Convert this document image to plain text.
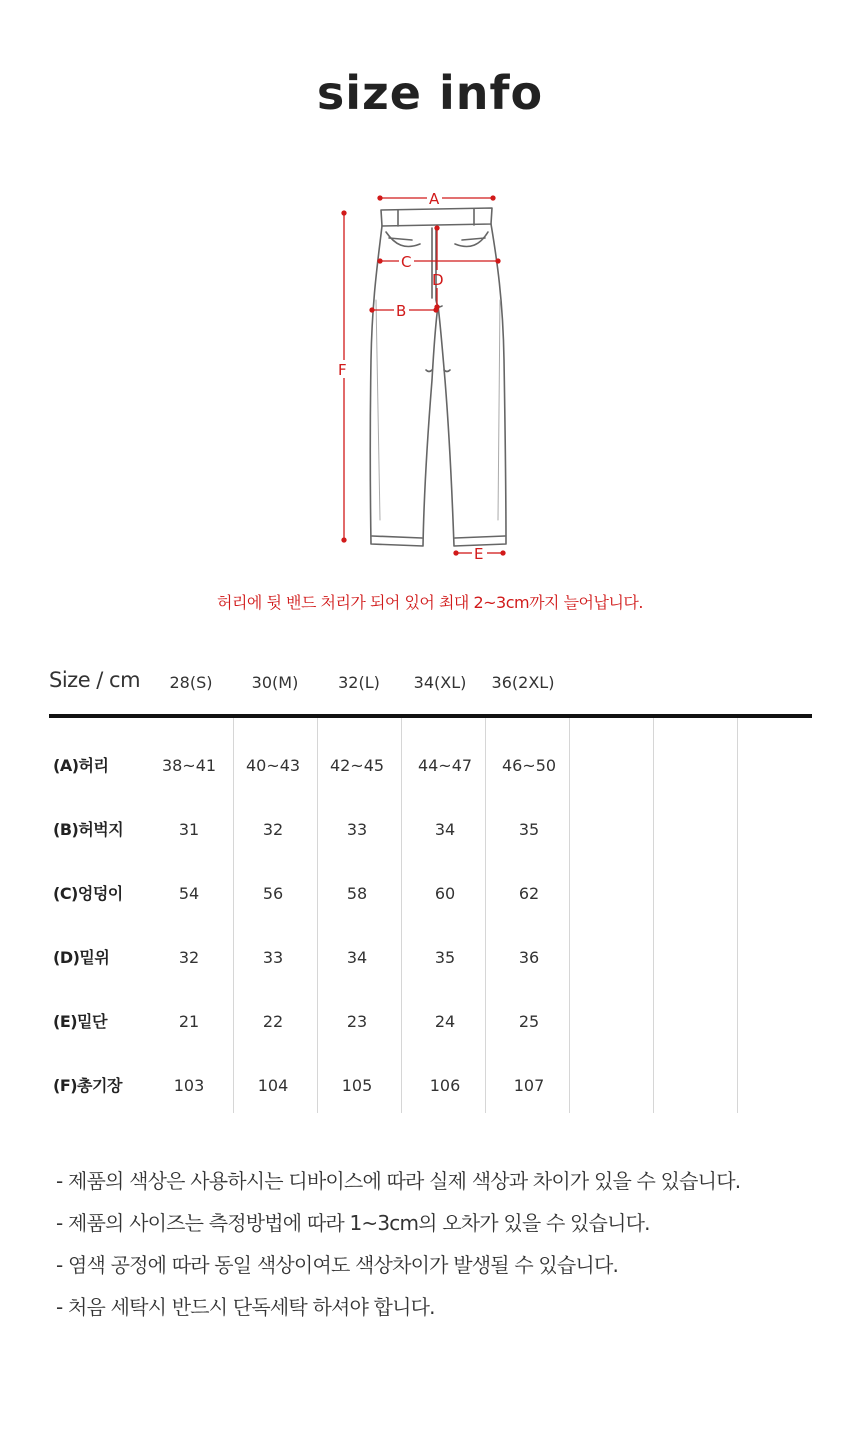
size info
A
C
D
B
F
E
허리에 뒷 밴드 처리가 되어 있어 최대 2~3cm까지 늘어납니다.
Size / cm	28(S)	30(M)	32(L)	34(XL)	36(2XL)
(A)허리	38~41	40~43	42~45	44~47	46~50
(B)허벅지	31	32	33	34	35
(C)엉덩이	54	56	58	60	62
(D)밑위	32	33	34	35	36
(E)밑단	21	22	23	24	25
(F)총기장	103	104	105	106	107
- 제품의 색상은 사용하시는 디바이스에 따라 실제 색상과 차이가 있을 수 있습니다.
- 제품의 사이즈는 측정방법에 따라 1~3cm의 오차가 있을 수 있습니다.
- 염색 공정에 따라 동일 색상이여도 색상차이가 발생될 수 있습니다.
- 처음 세탁시 반드시 단독세탁 하셔야 합니다.
